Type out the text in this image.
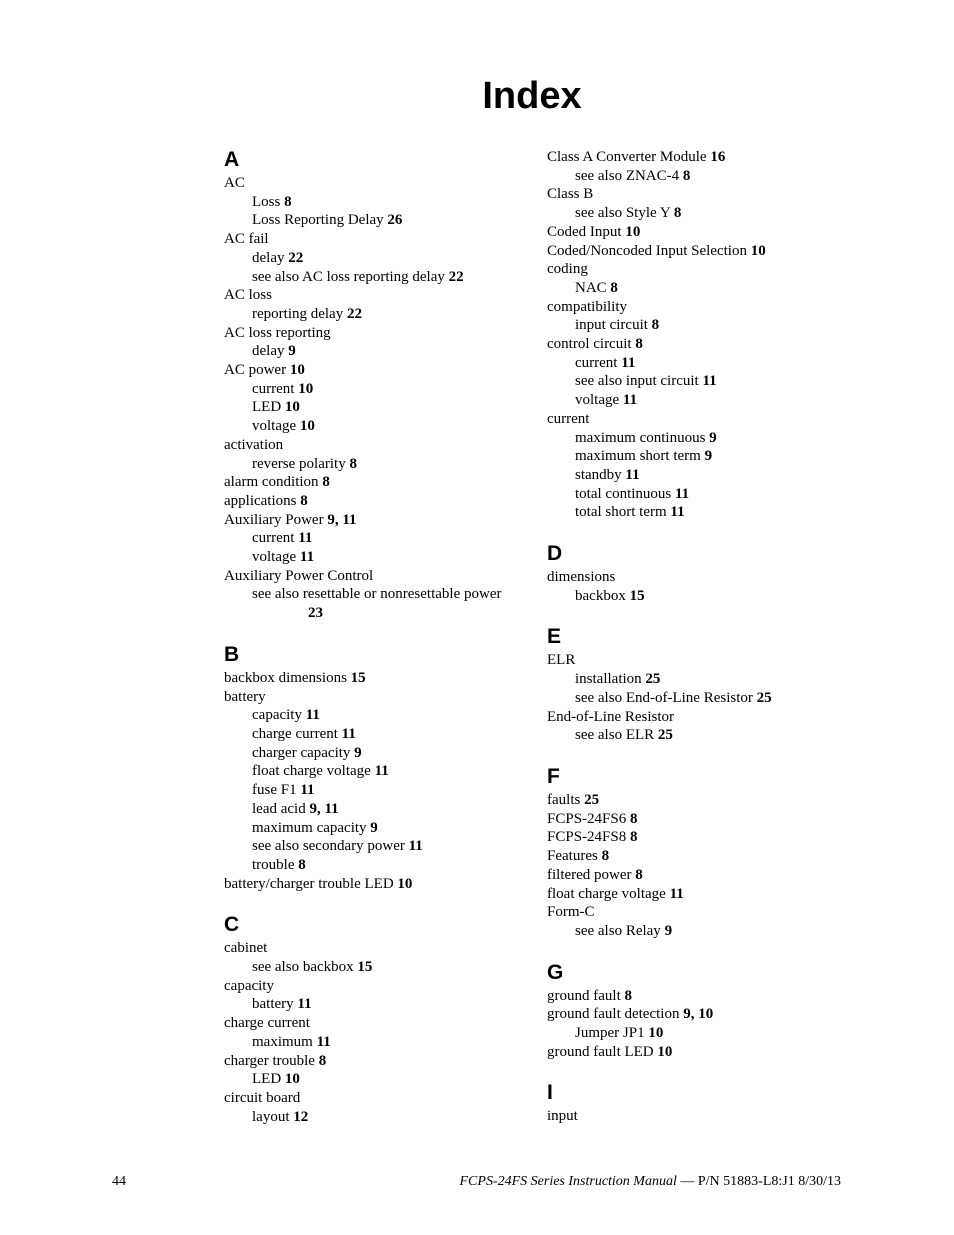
Index
A
AC
Loss 8
Loss Reporting Delay 26
AC fail
delay 22
see also AC loss reporting delay 22
AC loss
reporting delay 22
AC loss reporting
delay 9
AC power 10
current 10
LED 10
voltage 10
activation
reverse polarity 8
alarm condition 8
applications 8
Auxiliary Power 9, 11
current 11
voltage 11
Auxiliary Power Control
see also resettable or nonresettable power
23
B
backbox dimensions 15
battery
capacity 11
charge current 11
charger capacity 9
float charge voltage 11
fuse F1 11
lead acid 9, 11
maximum capacity 9
see also secondary power 11
trouble 8
battery/charger trouble LED 10
C
cabinet
see also backbox 15
capacity
battery 11
charge current
maximum 11
charger trouble 8
LED 10
circuit board
layout 12
Class A Converter Module 16
see also ZNAC-4 8
Class B
see also Style Y 8
Coded Input 10
Coded/Noncoded Input Selection 10
coding
NAC 8
compatibility
input circuit 8
control circuit 8
current 11
see also input circuit 11
voltage 11
current
maximum continuous 9
maximum short term 9
standby 11
total continuous 11
total short term 11
D
dimensions
backbox 15
E
ELR
installation 25
see also End-of-Line Resistor 25
End-of-Line Resistor
see also ELR 25
F
faults 25
FCPS-24FS6 8
FCPS-24FS8 8
Features 8
filtered power 8
float charge voltage 11
Form-C
see also Relay 9
G
ground fault 8
ground fault detection 9, 10
Jumper JP1 10
ground fault LED 10
I
input
44	FCPS-24FS Series Instruction Manual — P/N 51883-L8:J1 8/30/13
